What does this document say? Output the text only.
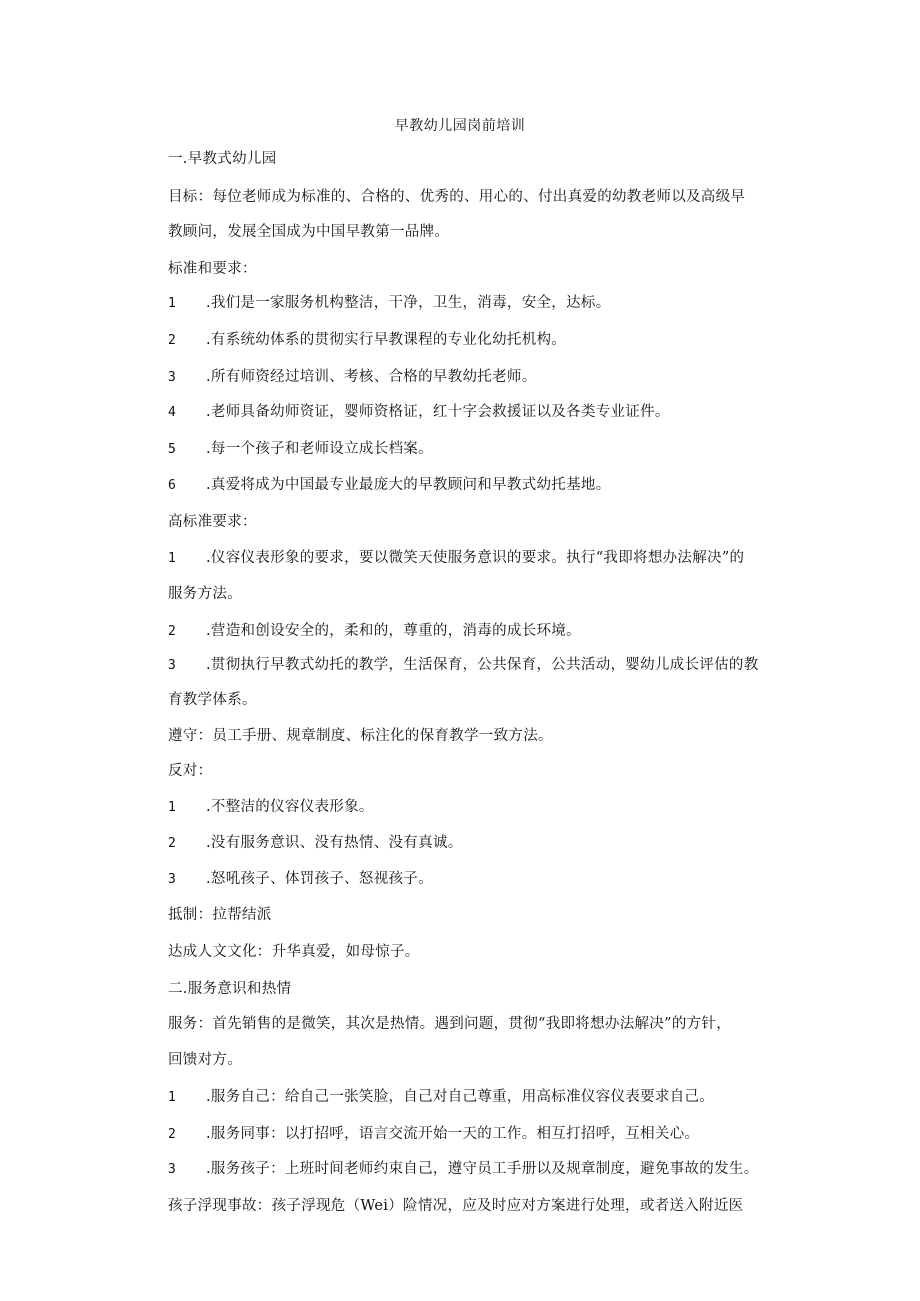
早教幼儿园岗前培训
一.早教式幼儿园
目标：每位老师成为标准的、合格的、优秀的、用心的、付出真爱的幼教老师以及高级早
教顾问，发展全国成为中国早教第一品牌。
标准和要求：
1 .我们是一家服务机构整洁，干净，卫生，消毒，安全，达标。
2 .有系统幼体系的贯彻实行早教课程的专业化幼托机构。
3 .所有师资经过培训、考核、合格的早教幼托老师。
4 .老师具备幼师资证，婴师资格证，红十字会救援证以及各类专业证件。
5 .每一个孩子和老师设立成长档案。
6 .真爱将成为中国最专业最庞大的早教顾问和早教式幼托基地。
高标准要求：
1 .仪容仪表形象的要求，要以微笑天使服务意识的要求。执行“我即将想办法解决”的
服务方法。
2 .营造和创设安全的，柔和的，尊重的，消毒的成长环境。
3 .贯彻执行早教式幼托的教学，生活保育，公共保育，公共活动，婴幼儿成长评估的教
育教学体系。
遵守：员工手册、规章制度、标注化的保育教学一致方法。
反对：
1 .不整洁的仪容仪表形象。
2 .没有服务意识、没有热情、没有真诚。
3 .怒吼孩子、体罚孩子、怒视孩子。
抵制：拉帮结派
达成人文文化：升华真爱，如母惊子。
二.服务意识和热情
服务：首先销售的是微笑，其次是热情。遇到问题，贯彻“我即将想办法解决”的方针，
回馈对方。
1 .服务自己：给自己一张笑脸，自己对自己尊重，用高标准仪容仪表要求自己。
2 .服务同事：以打招呼，语言交流开始一天的工作。相互打招呼，互相关心。
3 .服务孩子：上班时间老师约束自己，遵守员工手册以及规章制度，避免事故的发生。
孩子浮现事故：孩子浮现危（Wei）险情况，应及时应对方案进行处理，或者送入附近医
